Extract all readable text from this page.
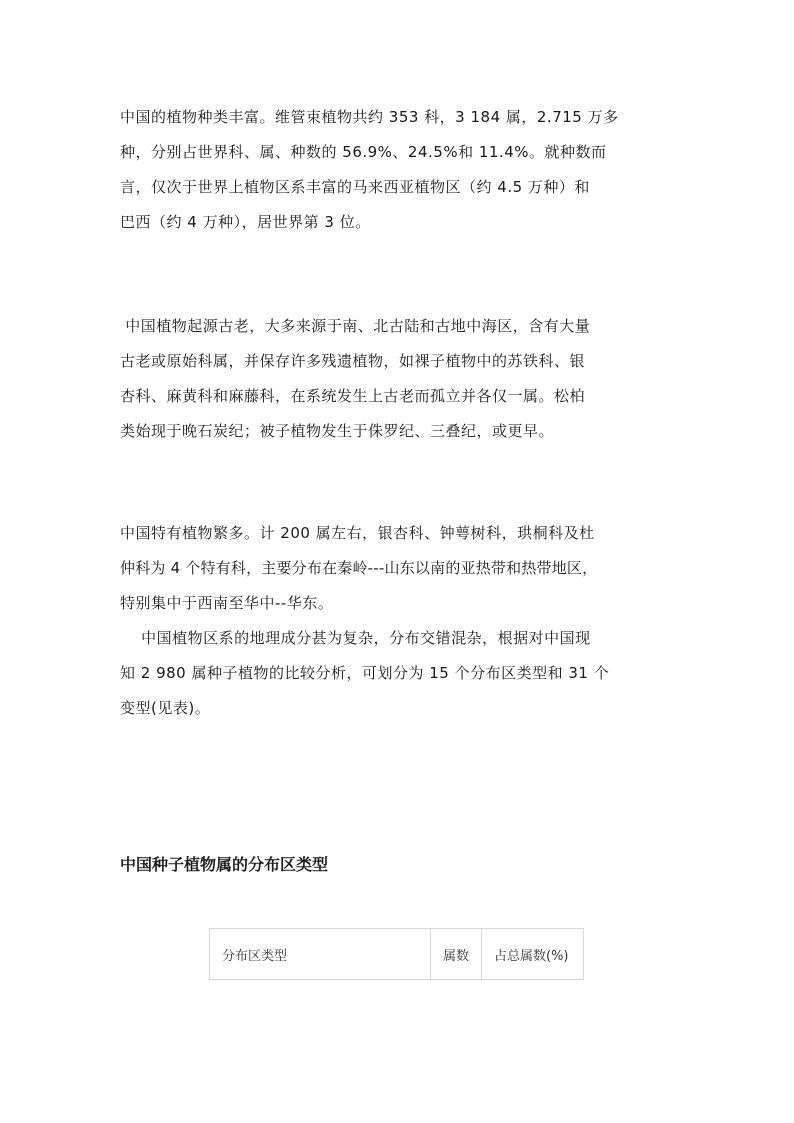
中国的植物种类丰富。维管束植物共约 353 科，3 184 属，2.715 万多
种，分别占世界科、属、种数的 56.9%、24.5%和 11.4%。就种数而
言，仅次于世界上植物区系丰富的马来西亚植物区（约 4.5 万种）和
巴西（约 4 万种），居世界第 3 位。
中国植物起源古老，大多来源于南、北古陆和古地中海区，含有大量
古老或原始科属，并保存许多残遗植物，如裸子植物中的苏铁科、银
杏科、麻黄科和麻藤科，在系统发生上古老而孤立并各仅一属。松柏
类始现于晚石炭纪；被子植物发生于侏罗纪、三叠纪，或更早。
中国特有植物繁多。计 200 属左右，银杏科、钟萼树科，珙桐科及杜
仲科为 4 个特有科，主要分布在秦岭---山东以南的亚热带和热带地区，
特别集中于西南至华中--华东。
中国植物区系的地理成分甚为复杂，分布交错混杂，根据对中国现
知 2 980 属种子植物的比较分析，可划分为 15 个分布区类型和 31 个
变型(见表)。
中国种子植物属的分布区类型
分布区类型	属数	占总属数(%)
